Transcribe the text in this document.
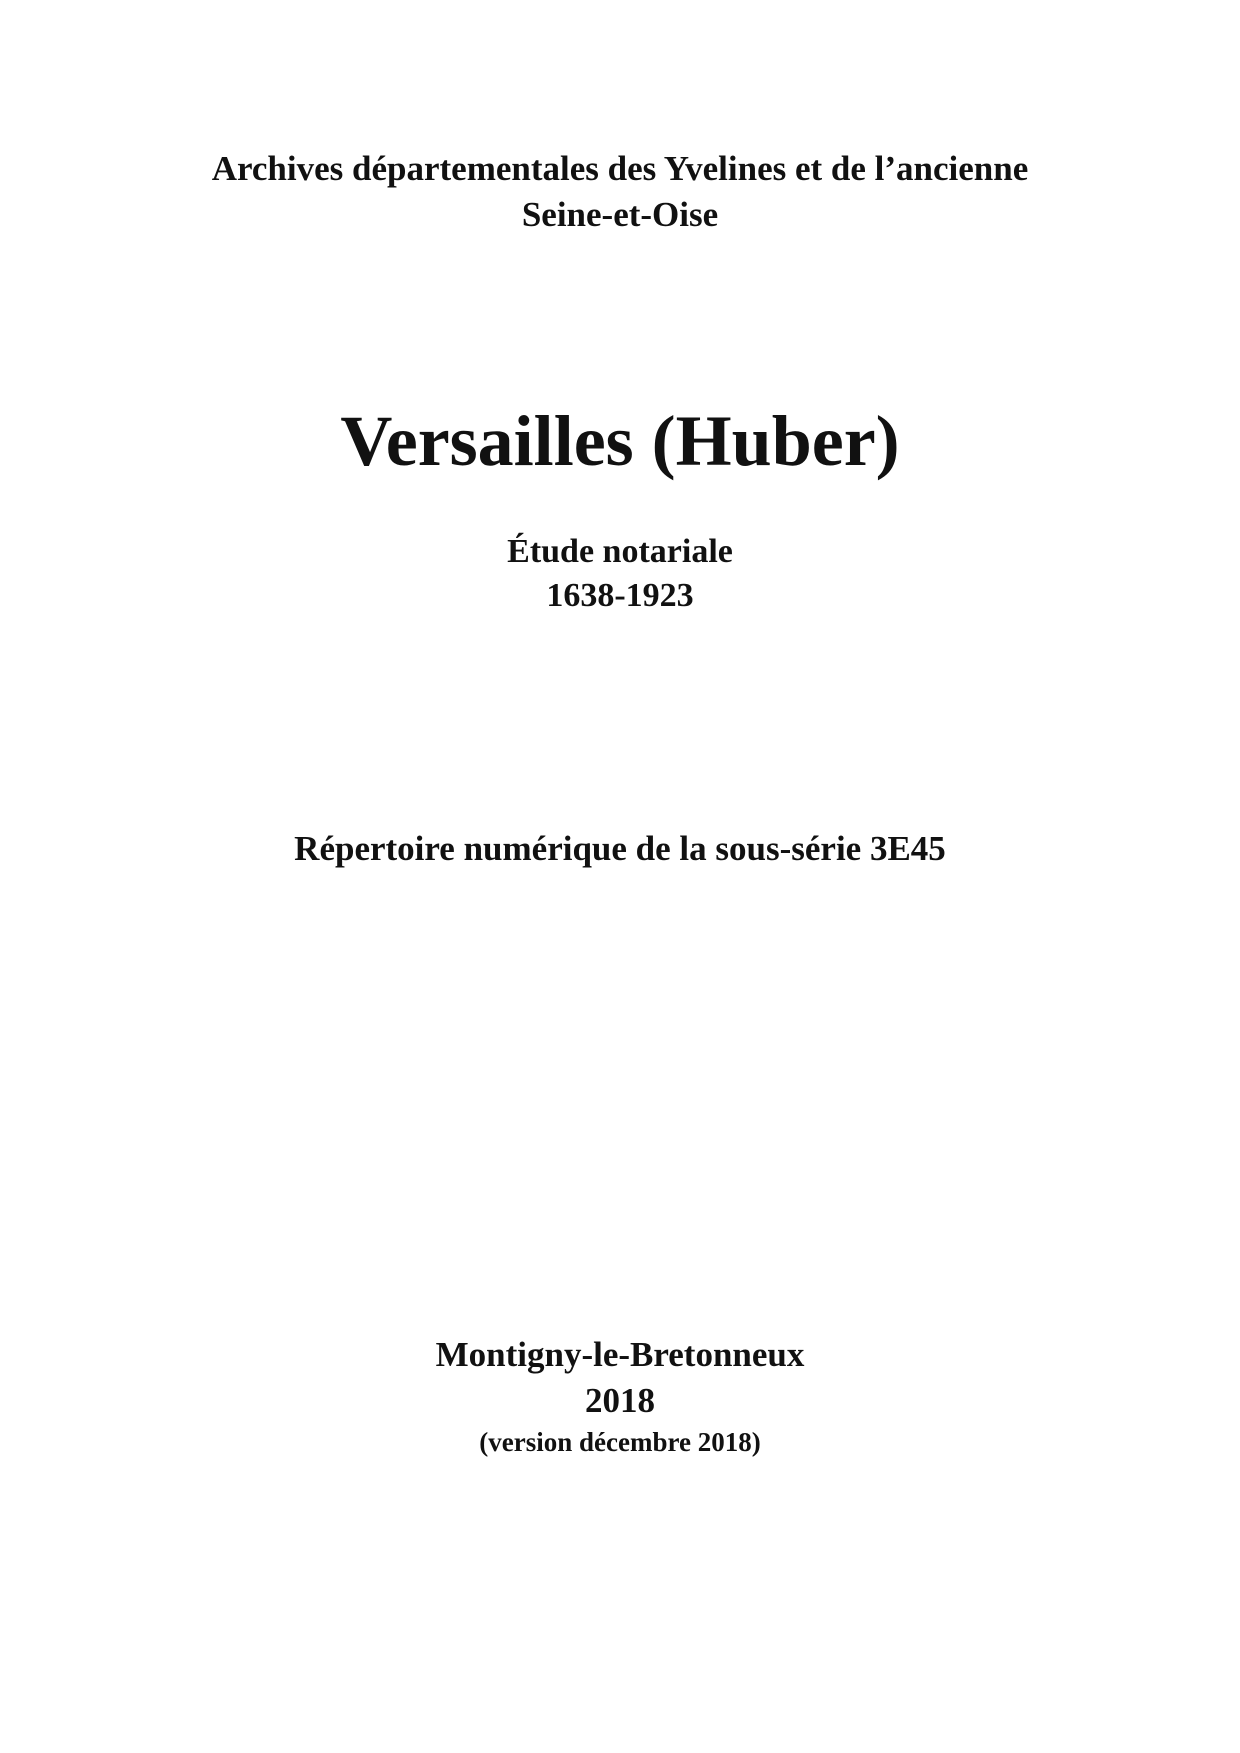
Archives départementales des Yvelines et de l’ancienne
Seine-et-Oise
Versailles (Huber)
Étude notariale
1638-1923
Répertoire numérique de la sous-série 3E45
Montigny-le-Bretonneux
2018
(version décembre 2018)
